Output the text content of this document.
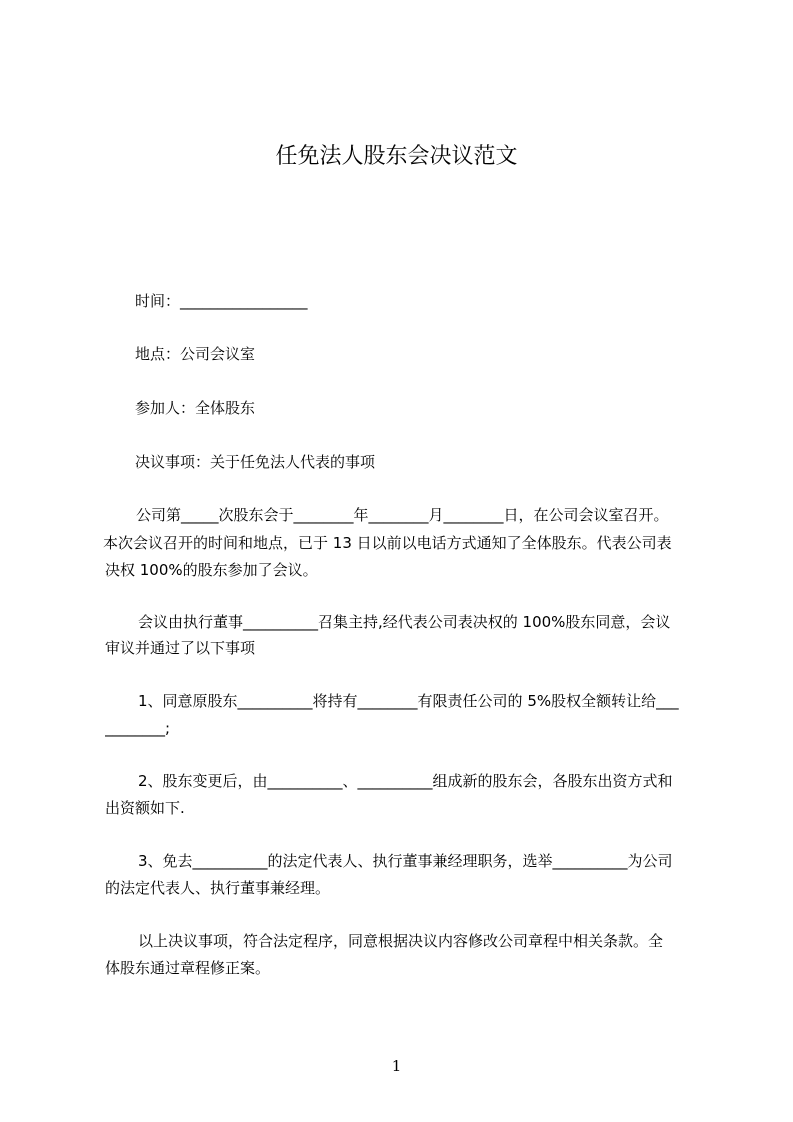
任免法人股东会决议范文
时间：_________________
地点：公司会议室
参加人：全体股东
决议事项：关于任免法人代表的事项
公司第_____次股东会于________年________月________日，在公司会议室召开。
本次会议召开的时间和地点，已于 13 日以前以电话方式通知了全体股东。代表公司表
决权 100%的股东参加了会议。
会议由执行董事__________召集主持,经代表公司表决权的 100%股东同意，会议
审议并通过了以下事项
1、同意原股东__________将持有________有限责任公司的 5%股权全额转让给___
________;
2、股东变更后，由__________、__________组成新的股东会，各股东出资方式和
出资额如下.
3、免去__________的法定代表人、执行董事兼经理职务，选举__________为公司
的法定代表人、执行董事兼经理。
以上决议事项，符合法定程序，同意根据决议内容修改公司章程中相关条款。全
体股东通过章程修正案。
1
